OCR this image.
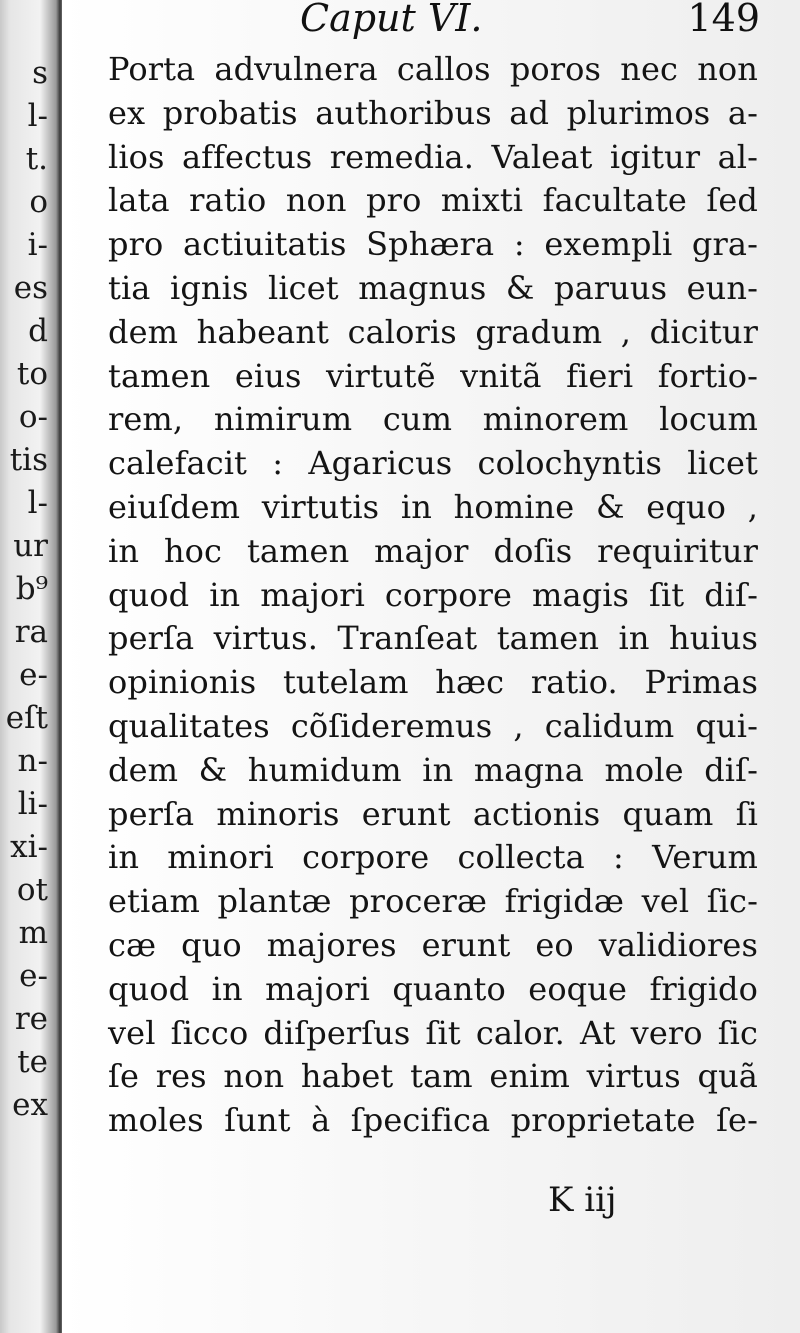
s
l-
t.
o
i-
es
d
to
o-
tis
l-
ur
b⁹
ra
e-
eſt
n-
li-
xi-
ot
m
e-
re
te
ex
Caput VI.	149
Porta advulnera callos poros nec non
ex probatis authoribus ad plurimos a-
lios affectus remedia. Valeat igitur al-
lata ratio non pro mixti facultate ſed
pro actiuitatis Sphæra : exempli gra-
tia ignis licet magnus & paruus eun-
dem habeant caloris gradum , dicitur
tamen eius virtutẽ vnitã fieri fortio-
rem, nimirum cum minorem locum
calefacit : Agaricus colochyntis licet
eiuſdem virtutis in homine & equo ,
in hoc tamen major doſis requiritur
quod in majori corpore magis ſit diſ-
perſa virtus. Tranſeat tamen in huius
opinionis tutelam hæc ratio. Primas
qualitates cõſideremus , calidum qui-
dem & humidum in magna mole diſ-
perſa minoris erunt actionis quam ſi
in minori corpore collecta : Verum
etiam plantæ proceræ frigidæ vel ſic-
cæ quo majores erunt eo validiores
quod in majori quanto eoque frigido
vel ſicco diſperſus ſit calor. At vero ſic
ſe res non habet tam enim virtus quã
moles ſunt à ſpecifica proprietate ſe-
K iij
